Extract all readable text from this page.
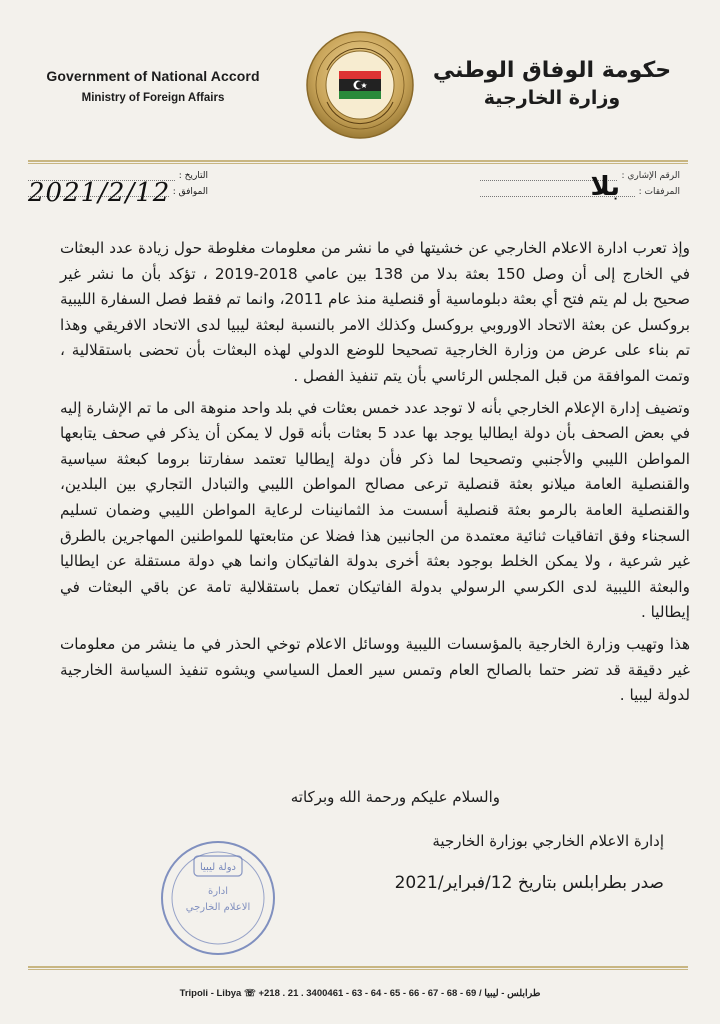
Government of National Accord
Ministry of Foreign Affairs
حكومة الوفاق الوطني
وزارة الخارجية
الرقم الإشاري :
المرفقات :
التاريخ :
الموافق :
2021/2/12	بلا

وإذ تعرب ادارة الاعلام الخارجي عن خشيتها في ما نشر من معلومات مغلوطة حول زيادة عدد البعثات في الخارج إلى أن وصل 150 بعثة بدلا من 138 بين عامي 2018-2019 ، تؤكد بأن ما نشر غير صحيح بل لم يتم فتح أي بعثة دبلوماسية أو قنصلية منذ عام 2011، وانما تم فقط فصل السفارة الليبية بروكسل عن بعثة الاتحاد الاوروبي بروكسل وكذلك الامر بالنسبة لبعثة ليبيا لدى الاتحاد الافريقي وهذا تم بناء على عرض من وزارة الخارجية تصحيحا للوضع الدولي لهذه البعثات بأن تحضى باستقلالية ، وتمت الموافقة من قبل المجلس الرئاسي بأن يتم تنفيذ الفصل .

وتضيف إدارة الإعلام الخارجي بأنه لا توجد عدد خمس بعثات في بلد واحد منوهة الى ما تم الإشارة إليه في بعض الصحف بأن دولة ايطاليا يوجد بها عدد 5 بعثات بأنه قول لا يمكن أن يذكر في صحف يتابعها المواطن الليبي والأجنبي وتصحيحا لما ذكر فأن دولة إيطاليا تعتمد سفارتنا بروما كبعثة سياسية والقنصلية العامة ميلانو بعثة قنصلية ترعى مصالح المواطن الليبي والتبادل التجاري بين البلدين، والقنصلية العامة بالرمو بعثة قنصلية أسست مذ الثمانينات لرعاية المواطن الليبي وضمان تسليم السجناء وفق اتفاقيات ثنائية معتمدة من الجانبين هذا فضلا عن متابعتها للمواطنين المهاجرين بالطرق غير شرعية ، ولا يمكن الخلط بوجود بعثة أخرى بدولة الفاتيكان وانما هي دولة مستقلة عن ايطاليا والبعثة الليبية لدى الكرسي الرسولي بدولة الفاتيكان تعمل باستقلالية تامة عن باقي البعثات في إيطاليا .

هذا وتهيب وزارة الخارجية بالمؤسسات الليبية ووسائل الاعلام توخي الحذر في ما ينشر من معلومات غير دقيقة قد تضر حتما بالصالح العام وتمس سير العمل السياسي ويشوه تنفيذ السياسة الخارجية لدولة ليبيا .

والسلام عليكم ورحمة الله وبركاته
إدارة الاعلام الخارجي بوزارة الخارجية
صدر بطرابلس بتاريخ 12/فبراير/2021
دولة ليبيا
ادارة
الاعلام الخارجي
Tripoli - Libya ☏ +218 . 21 . 3400461 - 63 - 64 - 65 - 66 - 67 - 68 - 69 / طرابلس - ليبيا
